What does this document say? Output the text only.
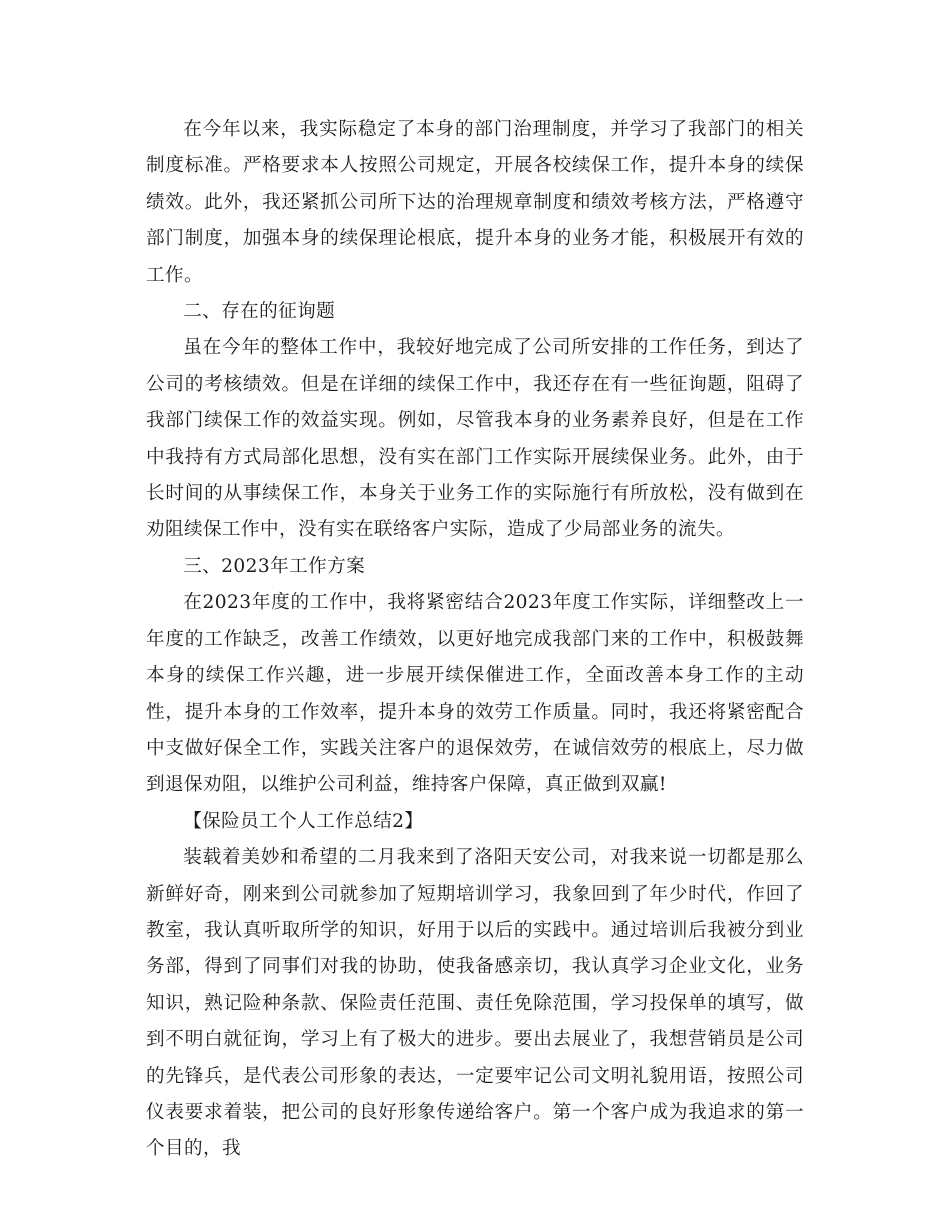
在今年以来，我实际稳定了本身的部门治理制度，并学习了我部门的相关制度标准。严格要求本人按照公司规定，开展各校续保工作，提升本身的续保绩效。此外，我还紧抓公司所下达的治理规章制度和绩效考核方法，严格遵守部门制度，加强本身的续保理论根底，提升本身的业务才能，积极展开有效的工作。

二、存在的征询题

虽在今年的整体工作中，我较好地完成了公司所安排的工作任务，到达了公司的考核绩效。但是在详细的续保工作中，我还存在有一些征询题，阻碍了我部门续保工作的效益实现。例如，尽管我本身的业务素养良好，但是在工作中我持有方式局部化思想，没有实在部门工作实际开展续保业务。此外，由于长时间的从事续保工作，本身关于业务工作的实际施行有所放松，没有做到在劝阻续保工作中，没有实在联络客户实际，造成了少局部业务的流失。

三、2023年工作方案

在2023年度的工作中，我将紧密结合2023年度工作实际，详细整改上一年度的工作缺乏，改善工作绩效，以更好地完成我部门来的工作中，积极鼓舞本身的续保工作兴趣，进一步展开续保催进工作，全面改善本身工作的主动性，提升本身的工作效率，提升本身的效劳工作质量。同时，我还将紧密配合中支做好保全工作，实践关注客户的退保效劳，在诚信效劳的根底上，尽力做到退保劝阻，以维护公司利益，维持客户保障，真正做到双赢!

【保险员工个人工作总结2】

装载着美妙和希望的二月我来到了洛阳天安公司，对我来说一切都是那么新鲜好奇，刚来到公司就参加了短期培训学习，我象回到了年少时代，作回了教室，我认真听取所学的知识，好用于以后的实践中。通过培训后我被分到业务部，得到了同事们对我的协助，使我备感亲切，我认真学习企业文化，业务知识，熟记险种条款、保险责任范围、责任免除范围，学习投保单的填写，做到不明白就征询，学习上有了极大的进步。要出去展业了，我想营销员是公司的先锋兵，是代表公司形象的表达，一定要牢记公司文明礼貌用语，按照公司仪表要求着装，把公司的良好形象传递给客户。第一个客户成为我追求的第一个目的，我
